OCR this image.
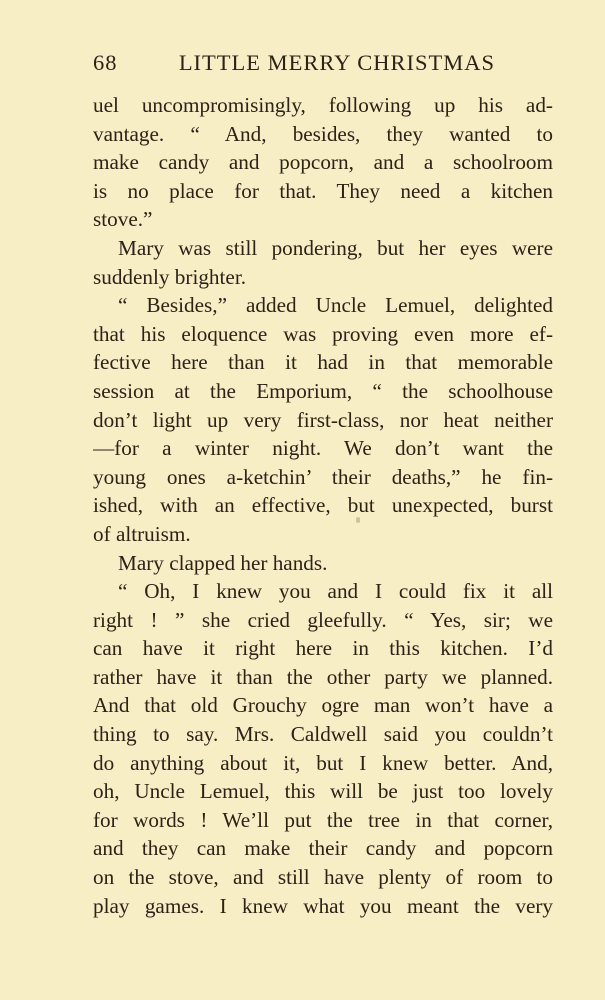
68	LITTLE MERRY CHRISTMAS
uel uncompromisingly, following up his ad-
vantage. “ And, besides, they wanted to
make candy and popcorn, and a schoolroom
is no place for that. They need a kitchen
stove.”
Mary was still pondering, but her eyes were
suddenly brighter.
“ Besides,” added Uncle Lemuel, delighted
that his eloquence was proving even more ef-
fective here than it had in that memorable
session at the Emporium, “ the schoolhouse
don’t light up very first-class, nor heat neither
—for a winter night. We don’t want the
young ones a-ketchin’ their deaths,” he fin-
ished, with an effective, but unexpected, burst
of altruism.
Mary clapped her hands.
“ Oh, I knew you and I could fix it all
right ! ” she cried gleefully. “ Yes, sir; we
can have it right here in this kitchen. I’d
rather have it than the other party we planned.
And that old Grouchy ogre man won’t have a
thing to say. Mrs. Caldwell said you couldn’t
do anything about it, but I knew better. And,
oh, Uncle Lemuel, this will be just too lovely
for words ! We’ll put the tree in that corner,
and they can make their candy and popcorn
on the stove, and still have plenty of room to
play games. I knew what you meant the very
